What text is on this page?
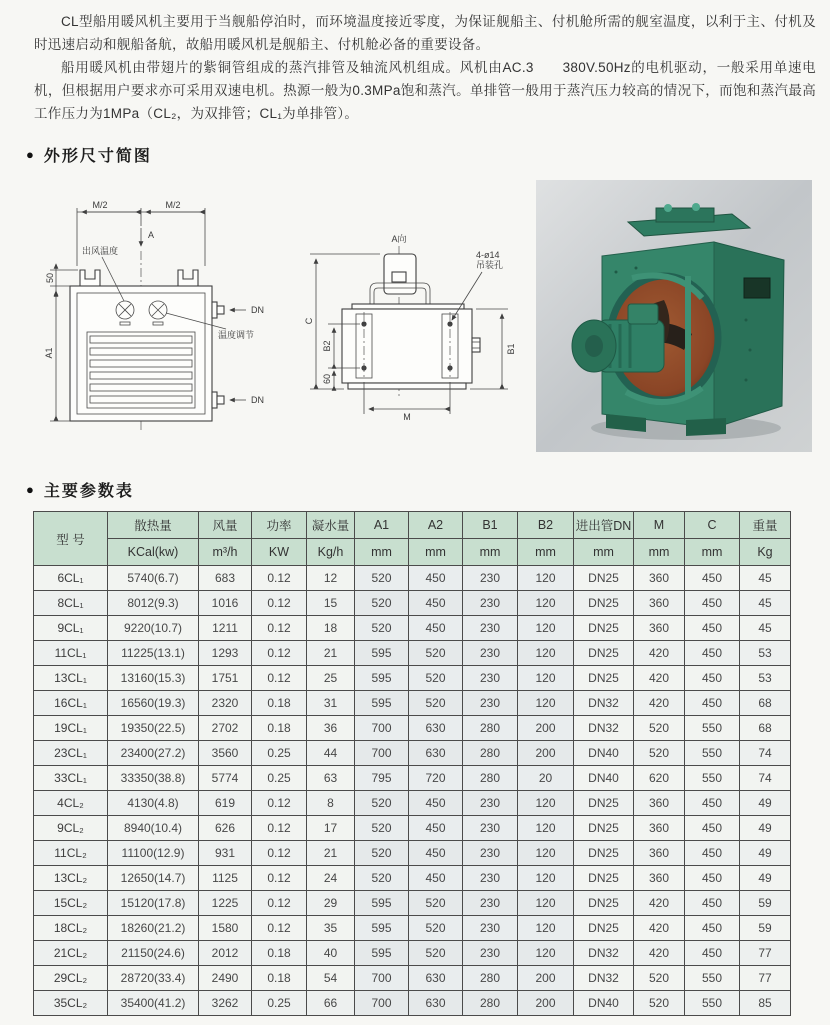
CL型船用暖风机主要用于当舰船停泊时，而环境温度接近零度，为保证舰船主、付机舱所需的舰室温度，以利于主、付机及时迅速启动和舰船备航，故船用暖风机是舰船主、付机舱必备的重要设备。

船用暖风机由带翅片的紫铜管组成的蒸汽排管及轴流风机组成。风机由AC.3　　380V.50Hz的电机驱动，一般采用单速电机，但根据用户要求亦可采用双速电机。热源一般为0.3MPa饱和蒸汽。单排管一般用于蒸汽压力较高的情况下，而饱和蒸汽最高工作压力为1MPa（CL₂，为双排管；CL₁为单排管）。

● 外形尺寸简图
M/2	M/2
A
出风温度
温度调节
50
A1
DN
DN
A向
4-ø14
吊装孔
C
B2
60
B1
M
● 主要参数表
型 号	散热量	风量	功率	凝水量	A1	A2	B1	B2	进出管DN	M	C	重量
	KCal(kw)	m³/h	KW	Kg/h	mm	mm	mm	mm	mm	mm	mm	Kg
6CL₁	5740(6.7)	683	0.12	12	520	450	230	120	DN25	360	450	45
8CL₁	8012(9.3)	1016	0.12	15	520	450	230	120	DN25	360	450	45
9CL₁	9220(10.7)	1211	0.12	18	520	450	230	120	DN25	360	450	45
11CL₁	11225(13.1)	1293	0.12	21	595	520	230	120	DN25	420	450	53
13CL₁	13160(15.3)	1751	0.12	25	595	520	230	120	DN25	420	450	53
16CL₁	16560(19.3)	2320	0.18	31	595	520	230	120	DN32	420	450	68
19CL₁	19350(22.5)	2702	0.18	36	700	630	280	200	DN32	520	550	68
23CL₁	23400(27.2)	3560	0.25	44	700	630	280	200	DN40	520	550	74
33CL₁	33350(38.8)	5774	0.25	63	795	720	280	20	DN40	620	550	74
4CL₂	4130(4.8)	619	0.12	8	520	450	230	120	DN25	360	450	49
9CL₂	8940(10.4)	626	0.12	17	520	450	230	120	DN25	360	450	49
11CL₂	11100(12.9)	931	0.12	21	520	450	230	120	DN25	360	450	49
13CL₂	12650(14.7)	1125	0.12	24	520	450	230	120	DN25	360	450	49
15CL₂	15120(17.8)	1225	0.12	29	595	520	230	120	DN25	420	450	59
18CL₂	18260(21.2)	1580	0.12	35	595	520	230	120	DN25	420	450	59
21CL₂	21150(24.6)	2012	0.18	40	595	520	230	120	DN32	420	450	77
29CL₂	28720(33.4)	2490	0.18	54	700	630	280	200	DN32	520	550	77
35CL₂	35400(41.2)	3262	0.25	66	700	630	280	200	DN40	520	550	85
